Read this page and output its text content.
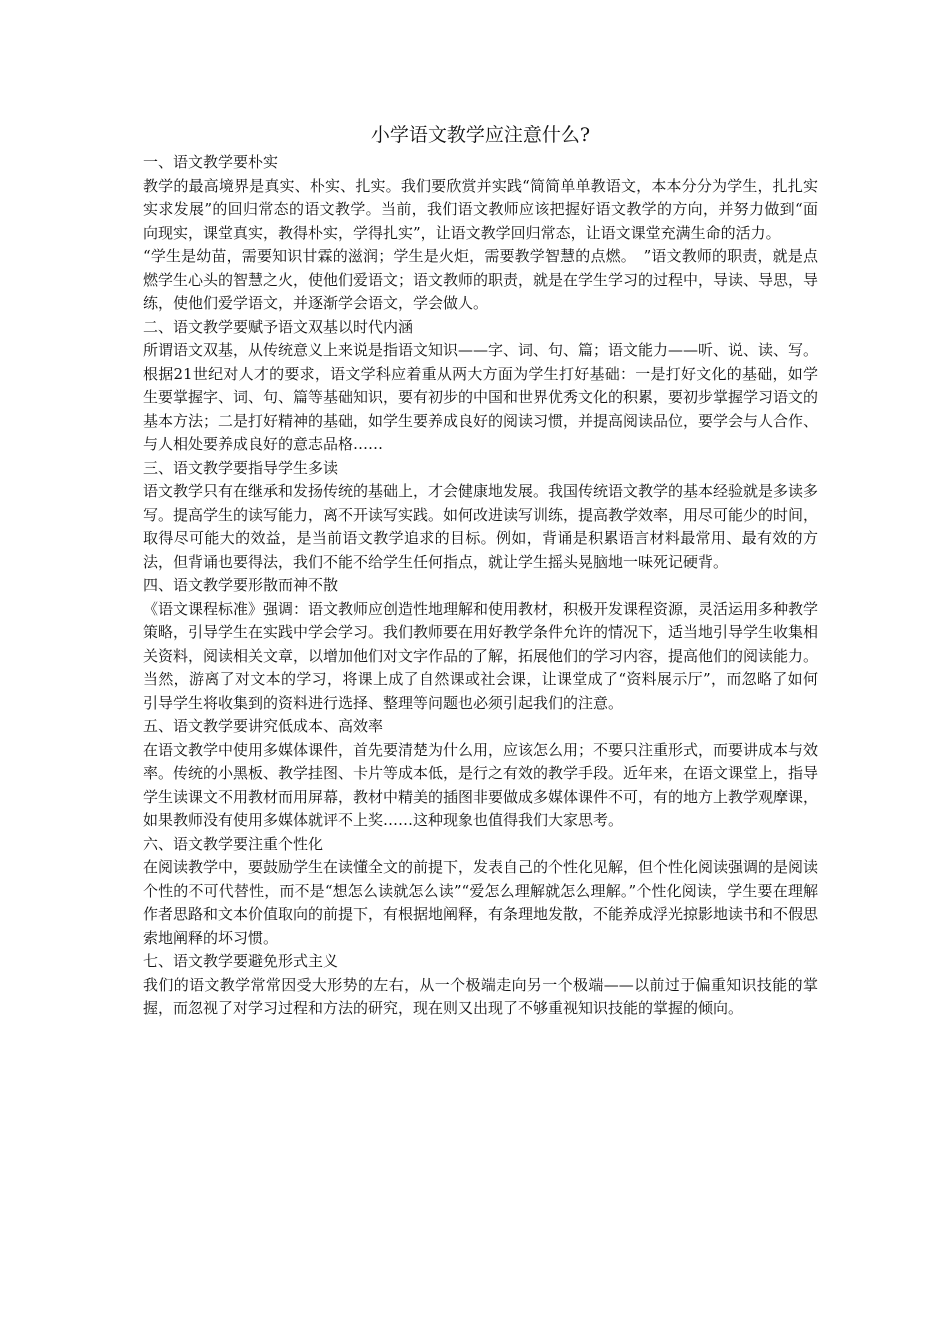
小学语文教学应注意什么?

一、语文教学要朴实

教学的最高境界是真实、朴实、扎实。我们要欣赏并实践“简简单单教语文，本本分分为学生，扎扎实实求发展”的回归常态的语文教学。当前，我们语文教师应该把握好语文教学的方向，并努力做到“面向现实，课堂真实，教得朴实，学得扎实”，让语文教学回归常态，让语文课堂充满生命的活力。

“学生是幼苗，需要知识甘霖的滋润；学生是火炬，需要教学智慧的点燃。　”语文教师的职责，就是点燃学生心头的智慧之火，使他们爱语文；语文教师的职责，就是在学生学习的过程中，导读、导思，导练，使他们爱学语文，并逐渐学会语文，学会做人。

二、语文教学要赋予语文双基以时代内涵

所谓语文双基，从传统意义上来说是指语文知识——字、词、句、篇；语文能力——听、说、读、写。根据21世纪对人才的要求，语文学科应着重从两大方面为学生打好基础：一是打好文化的基础，如学生要掌握字、词、句、篇等基础知识，要有初步的中国和世界优秀文化的积累，要初步掌握学习语文的基本方法；二是打好精神的基础，如学生要养成良好的阅读习惯，并提高阅读品位，要学会与人合作、与人相处要养成良好的意志品格……

三、语文教学要指导学生多读

语文教学只有在继承和发扬传统的基础上，才会健康地发展。我国传统语文教学的基本经验就是多读多写。提高学生的读写能力，离不开读写实践。如何改进读写训练，提高教学效率，用尽可能少的时间，取得尽可能大的效益，是当前语文教学追求的目标。例如，背诵是积累语言材料最常用、最有效的方法，但背诵也要得法，我们不能不给学生任何指点，就让学生摇头晃脑地一味死记硬背。

四、语文教学要形散而神不散

《语文课程标准》强调：语文教师应创造性地理解和使用教材，积极开发课程资源，灵活运用多种教学策略，引导学生在实践中学会学习。我们教师要在用好教学条件允许的情况下，适当地引导学生收集相关资料，阅读相关文章，以增加他们对文字作品的了解，拓展他们的学习内容，提高他们的阅读能力。当然，游离了对文本的学习，将课上成了自然课或社会课，让课堂成了“资料展示厅”，而忽略了如何引导学生将收集到的资料进行选择、整理等问题也必须引起我们的注意。

五、语文教学要讲究低成本、高效率

在语文教学中使用多媒体课件，首先要清楚为什么用，应该怎么用；不要只注重形式，而要讲成本与效率。传统的小黑板、教学挂图、卡片等成本低，是行之有效的教学手段。近年来，在语文课堂上，指导学生读课文不用教材而用屏幕，教材中精美的插图非要做成多媒体课件不可，有的地方上教学观摩课，如果教师没有使用多媒体就评不上奖……这种现象也值得我们大家思考。

六、语文教学要注重个性化

在阅读教学中，要鼓励学生在读懂全文的前提下，发表自己的个性化见解，但个性化阅读强调的是阅读个性的不可代替性，而不是“想怎么读就怎么读”“爱怎么理解就怎么理解。”个性化阅读，学生要在理解作者思路和文本价值取向的前提下，有根据地阐释，有条理地发散，不能养成浮光掠影地读书和不假思索地阐释的坏习惯。

七、语文教学要避免形式主义

我们的语文教学常常因受大形势的左右，从一个极端走向另一个极端——以前过于偏重知识技能的掌握，而忽视了对学习过程和方法的研究，现在则又出现了不够重视知识技能的掌握的倾向。
